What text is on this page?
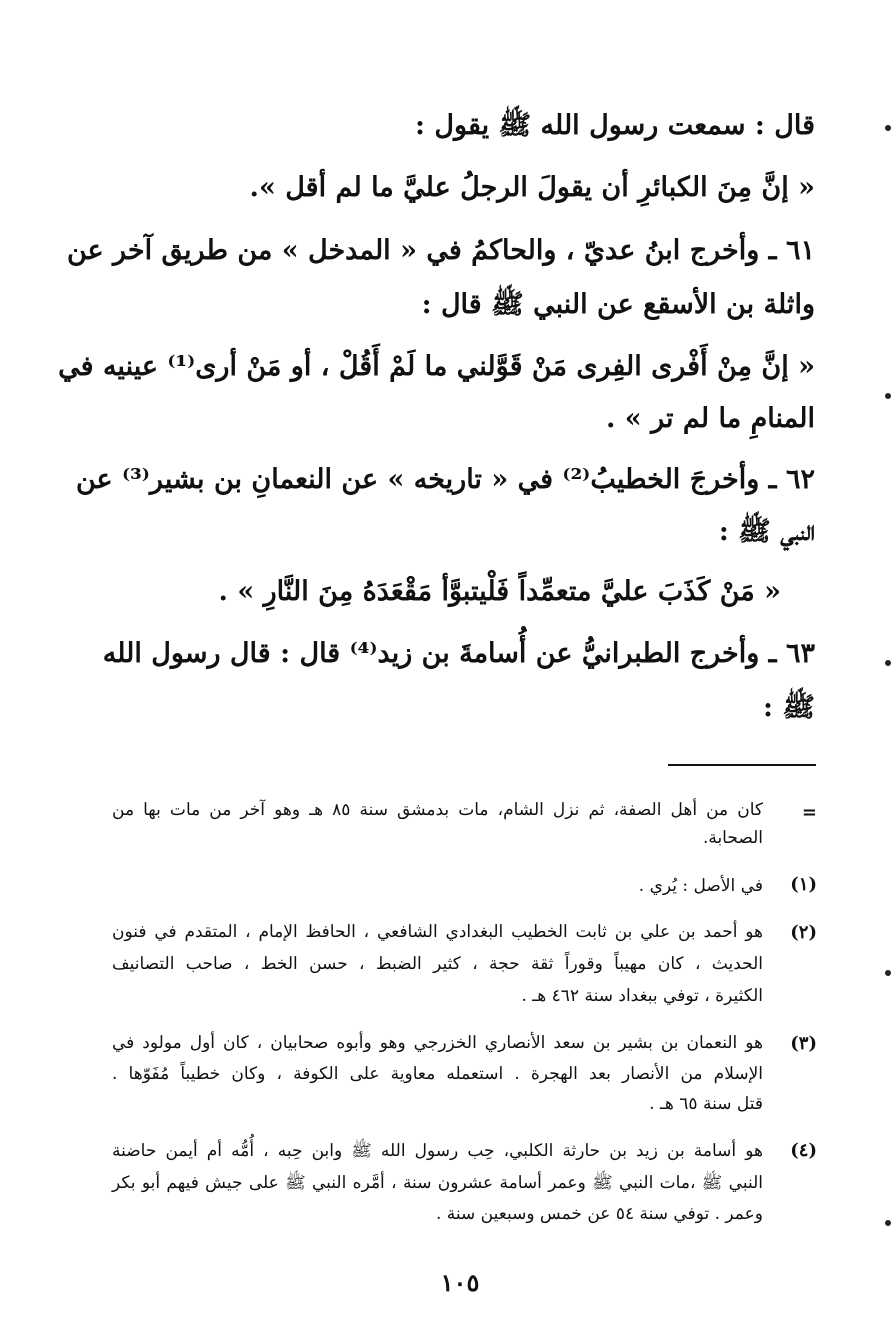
قال : سمعت رسول الله ﷺ يقول :
« إنَّ مِنَ الكبائرِ أن يقولَ الرجلُ عليَّ ما لم أقل ».
٦١ ـ وأخرج ابنُ عديّ ، والحاكمُ في « المدخل » من طريق آخر عن
واثلة بن الأسقع عن النبي ﷺ قال :
« إنَّ مِنْ أَفْرى الفِرى مَنْ قَوَّلني ما لَمْ أَقُلْ ، أو مَنْ أرى⁽¹⁾ عينيه في
المنامِ ما لم تر » .
٦٢ ـ وأخرجَ الخطيبُ⁽²⁾ في « تاريخه » عن النعمانِ بن بشير⁽³⁾ عن
النبي ﷺ :
« مَنْ كَذَبَ عليَّ متعمِّداً فَلْيتبوَّأ مَقْعَدَهُ مِنَ النَّارِ » .
٦٣ ـ وأخرج الطبرانيُّ عن أُسامةَ بن زيد⁽⁴⁾ قال : قال رسول الله
ﷺ :
=
كان من أهل الصفة، ثم نزل الشام، مات بدمشق سنة ٨٥ هـ وهو آخر من مات بها من
الصحابة.
(١)
في الأصل : يُري .
(٢)
هو أحمد بن علي بن ثابت الخطيب البغدادي الشافعي ، الحافظ الإمام ، المتقدم في فنون
الحديث ، كان مهيباً وقوراً ثقة حجة ، كثير الضبط ، حسن الخط ، صاحب التصانيف
الكثيرة ، توفي ببغداد سنة ٤٦٢ هـ .
(٣)
هو النعمان بن بشير بن سعد الأنصاري الخزرجي وهو وأبوه صحابيان ، كان أول مولود في
الإسلام من الأنصار بعد الهجرة . استعمله معاوية على الكوفة ، وكان خطيباً مُفَوّها .
قتل سنة ٦٥ هـ .
(٤)
هو أسامة بن زيد بن حارثة الكلبي، حِب رسول الله ﷺ وابن حِبه ، أُمُّه أم أيمن حاضنة
النبي ﷺ ،مات النبي ﷺ وعمر أسامة عشرون سنة ، أمَّره النبي ﷺ على جيش فيهم أبو بكر
وعمر . توفي سنة ٥٤ عن خمس وسبعين سنة .
١٠٥
